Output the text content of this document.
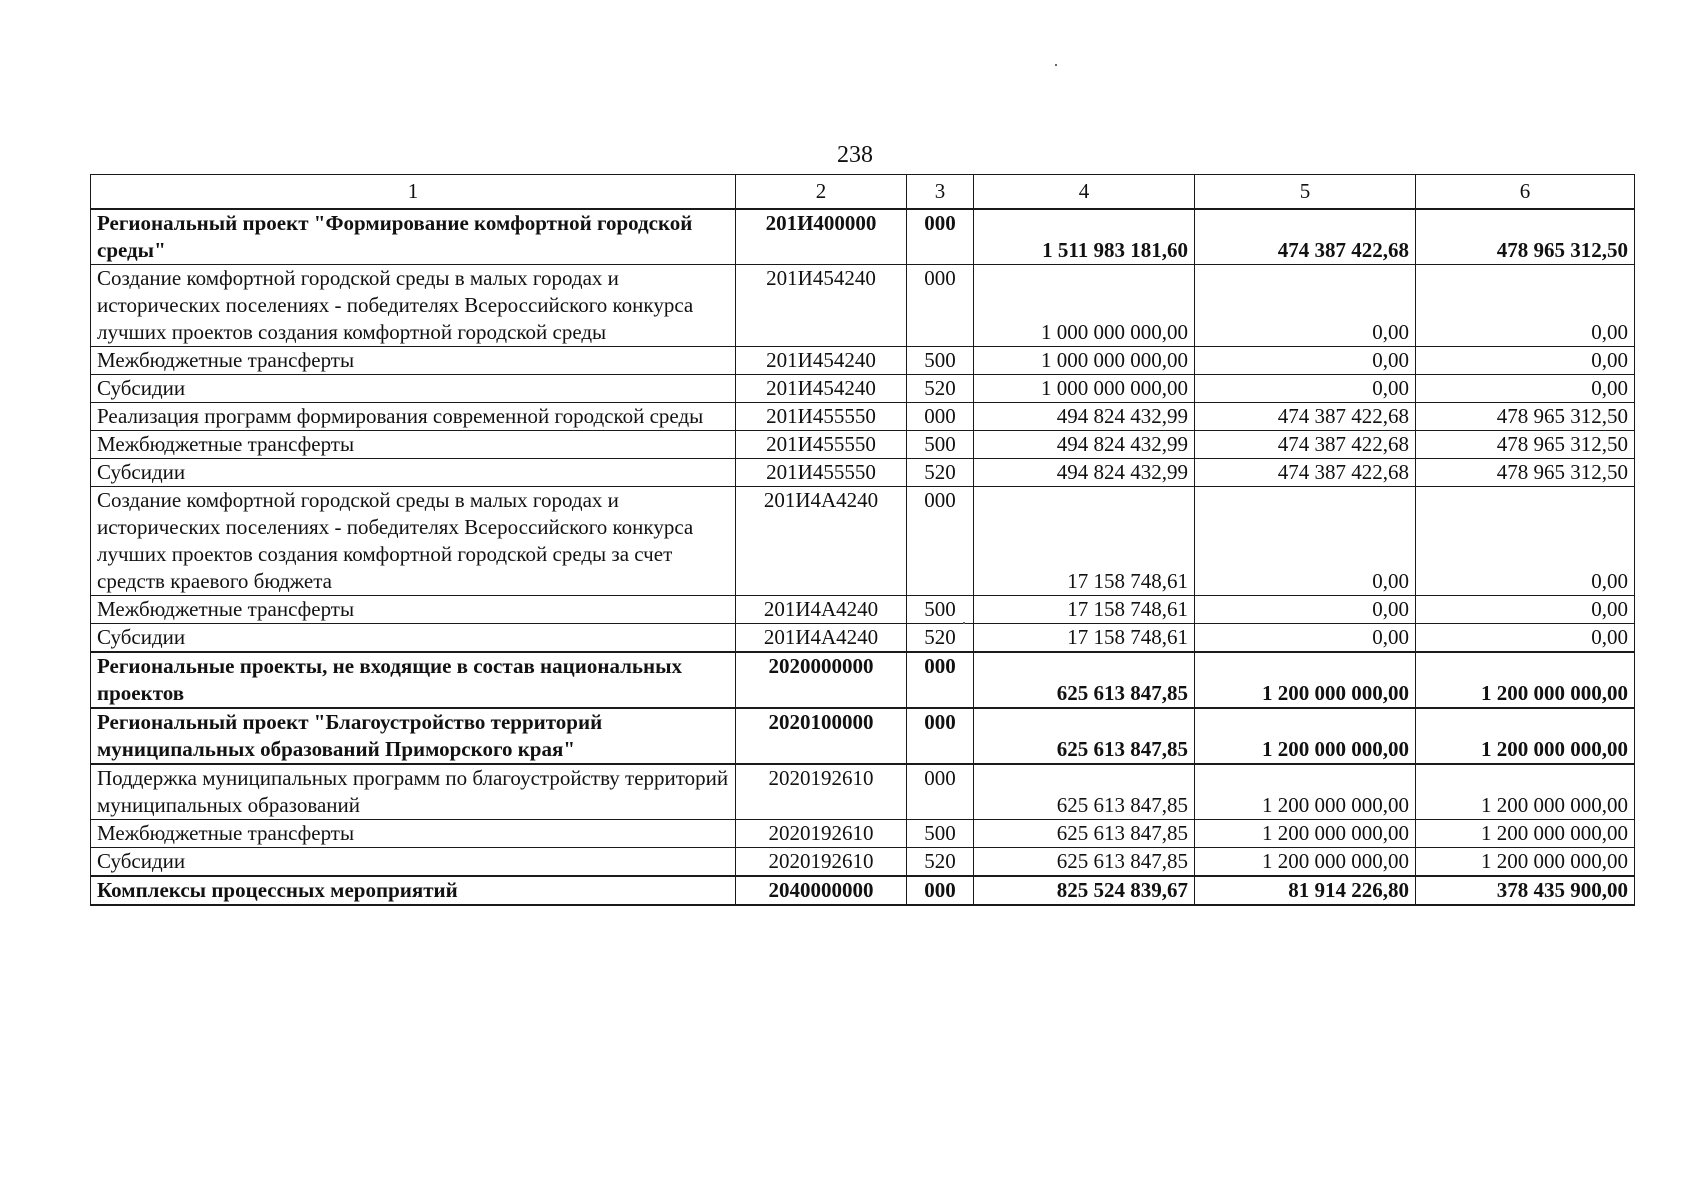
238
1	2	3	4	5	6
Региональный проект "Формирование комфортной городской среды"	201И400000	000	1 511 983 181,60	474 387 422,68	478 965 312,50
Создание комфортной городской среды в малых городах и исторических поселениях - победителях Всероссийского конкурса лучших проектов создания комфортной городской среды	201И454240	000	1 000 000 000,00	0,00	0,00
Межбюджетные трансферты	201И454240	500	1 000 000 000,00	0,00	0,00
Субсидии	201И454240	520	1 000 000 000,00	0,00	0,00
Реализация программ формирования современной городской среды	201И455550	000	494 824 432,99	474 387 422,68	478 965 312,50
Межбюджетные трансферты	201И455550	500	494 824 432,99	474 387 422,68	478 965 312,50
Субсидии	201И455550	520	494 824 432,99	474 387 422,68	478 965 312,50
Создание комфортной городской среды в малых городах и исторических поселениях - победителях Всероссийского конкурса лучших проектов создания комфортной городской среды за счет средств краевого бюджета	201И4А4240	000	17 158 748,61	0,00	0,00
Межбюджетные трансферты	201И4А4240	500	17 158 748,61	0,00	0,00
Субсидии	201И4А4240	520	17 158 748,61	0,00	0,00
Региональные проекты, не входящие в состав национальных проектов	2020000000	000	625 613 847,85	1 200 000 000,00	1 200 000 000,00
Региональный проект "Благоустройство территорий муниципальных образований Приморского края"	2020100000	000	625 613 847,85	1 200 000 000,00	1 200 000 000,00
Поддержка муниципальных программ по благоустройству территорий муниципальных образований	2020192610	000	625 613 847,85	1 200 000 000,00	1 200 000 000,00
Межбюджетные трансферты	2020192610	500	625 613 847,85	1 200 000 000,00	1 200 000 000,00
Субсидии	2020192610	520	625 613 847,85	1 200 000 000,00	1 200 000 000,00
Комплексы процессных мероприятий	2040000000	000	825 524 839,67	81 914 226,80	378 435 900,00
